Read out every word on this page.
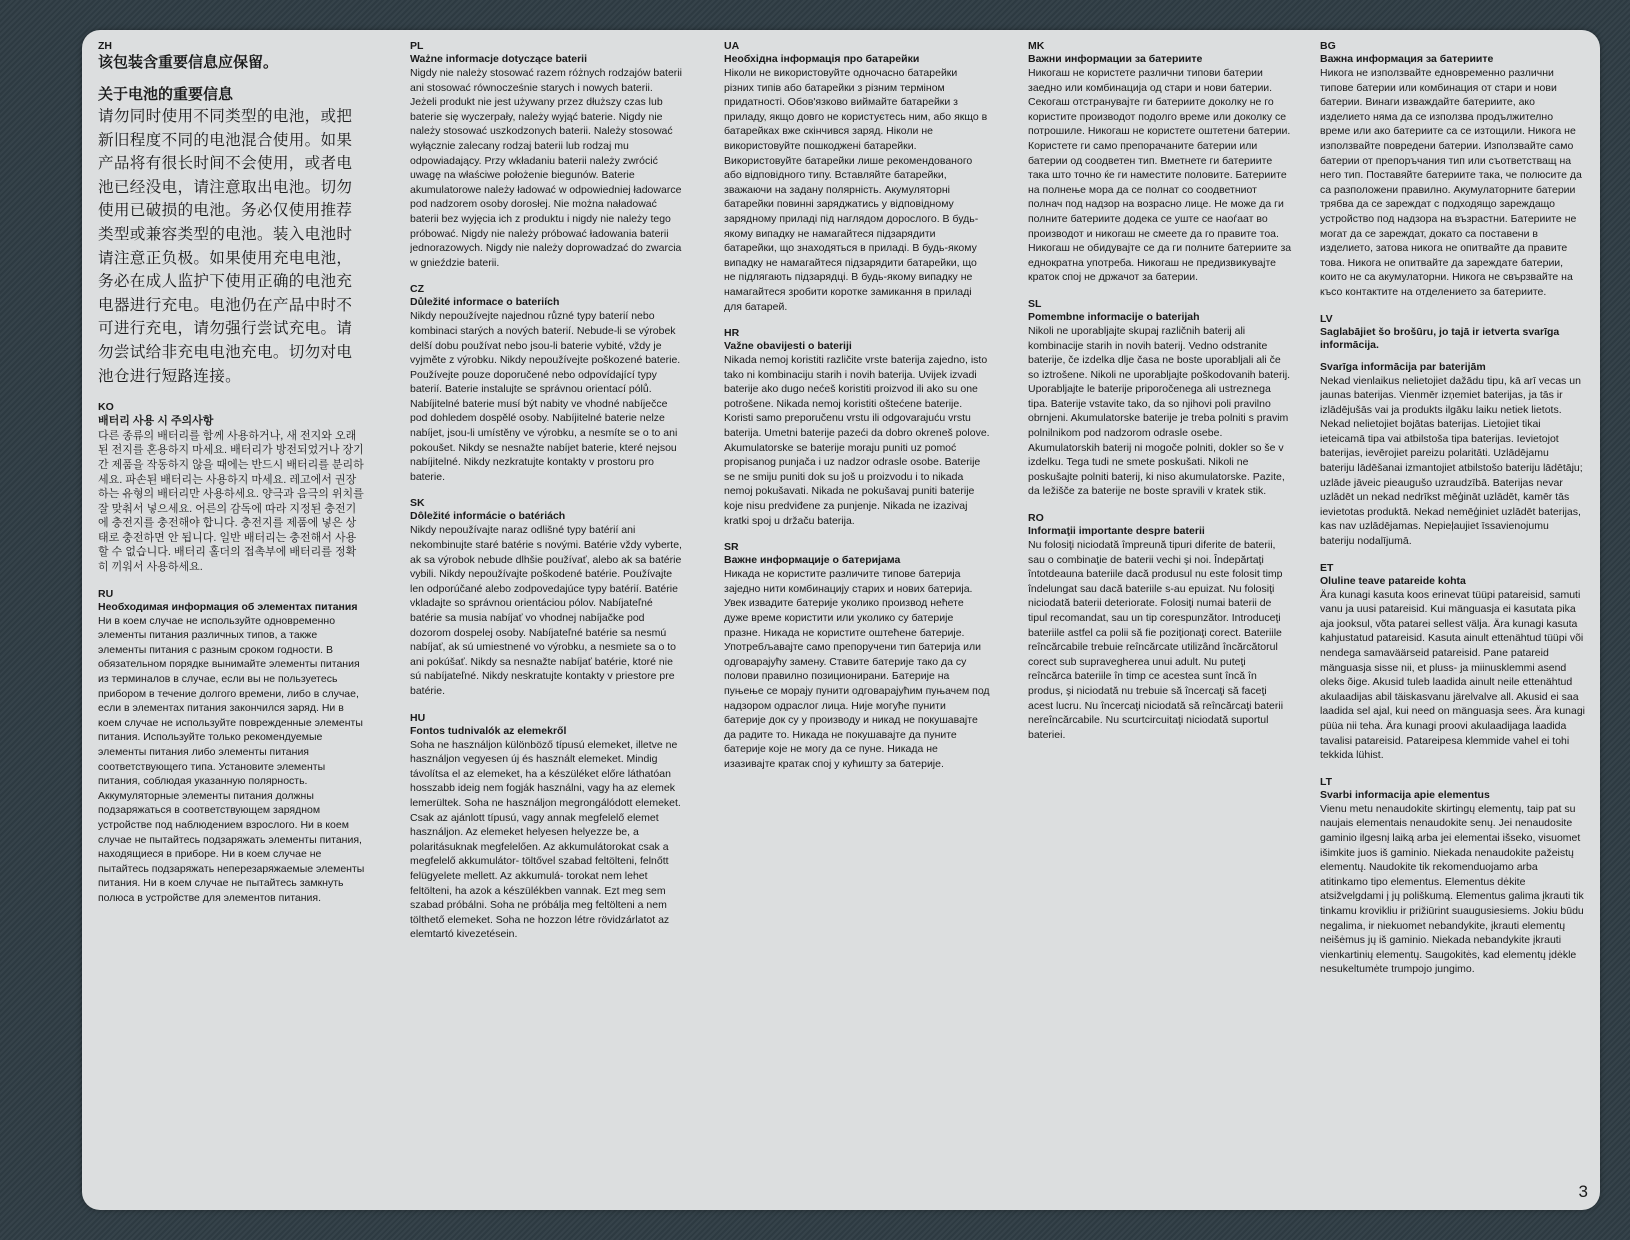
ZH
该包装含重要信息应保留。
关于电池的重要信息
请勿同时使用不同类型的电池，或把新旧程度不同的电池混合使用。如果产品将有很长时间不会使用，或者电池已经没电，请注意取出电池。切勿使用已破损的电池。务必仅使用推荐类型或兼容类型的电池。装入电池时请注意正负极。如果使用充电电池，务必在成人监护下使用正确的电池充电器进行充电。电池仍在产品中时不可进行充电，请勿强行尝试充电。请勿尝试给非充电电池充电。切勿对电池仓进行短路连接。
KO
배터리 사용 시 주의사항
다른 종류의 배터리를 함께 사용하거나, 새 전지와 오래된 전지를 혼용하지 마세요. 배터리가 방전되었거나 장기간 제품을 작동하지 않을 때에는 반드시 배터리를 분리하세요. 파손된 배터리는 사용하지 마세요. 레고에서 권장하는 유형의 배터리만 사용하세요. 양극과 음극의 위치를 잘 맞춰서 넣으세요. 어른의 감독에 따라 지정된 충전기에 충전지를 충전해야 합니다. 충전지를 제품에 넣은 상태로 충전하면 안 됩니다. 일반 배터리는 충전해서 사용할 수 없습니다. 배터리 홀더의 접촉부에 배터리를 정확히 끼워서 사용하세요.
RU
Необходимая информация об элементах питания
Ни в коем случае не используйте одновременно элементы питания различных типов, а также элементы питания с разным сроком годности. В обязательном порядке вынимайте элементы питания из терминалов в случае, если вы не пользуетесь прибором в течение долгого времени, либо в случае, если в элементах питания закончился заряд. Ни в коем случае не используйте поврежденные элементы питания. Используйте только рекомендуемые элементы питания либо элементы питания соответствующего типа. Установите элементы питания, соблюдая указанную полярность. Аккумуляторные элементы питания должны подзаряжаться в соответствующем зарядном устройстве под наблюдением взрослого. Ни в коем случае не пытайтесь подзаряжать элементы питания, находящиеся в приборе. Ни в коем случае не пытайтесь подзаряжать неперезаряжаемые элементы питания. Ни в коем случае не пытайтесь замкнуть полюса в устройстве для элементов питания.
PL
Ważne informacje dotyczące baterii
Nigdy nie należy stosować razem różnych rodzajów baterii ani stosować równocześnie starych i nowych baterii. Jeżeli produkt nie jest używany przez dłuższy czas lub baterie się wyczerpały, należy wyjąć baterie. Nigdy nie należy stosować uszkodzonych baterii. Należy stosować wyłącznie zalecany rodzaj baterii lub rodzaj mu odpowiadający. Przy wkładaniu baterii należy zwrócić uwagę na właściwe położenie biegunów. Baterie akumulatorowe należy ładować w odpowiedniej ładowarce pod nadzorem osoby dorosłej. Nie można naładować baterii bez wyjęcia ich z produktu i nigdy nie należy tego próbować. Nigdy nie należy próbować ładowania baterii jednorazowych. Nigdy nie należy doprowadzać do zwarcia w gnieździe baterii.
CZ
Důležité informace o bateriích
Nikdy nepoužívejte najednou různé typy baterií nebo kombinaci starých a nových baterií. Nebude-li se výrobek delší dobu používat nebo jsou-li baterie vybité, vždy je vyjměte z výrobku. Nikdy nepoužívejte poškozené baterie. Používejte pouze doporučené nebo odpovídající typy baterií. Baterie instalujte se správnou orientací pólů. Nabíjitelné baterie musí být nabity ve vhodné nabíječce pod dohledem dospělé osoby. Nabíjitelné baterie nelze nabíjet, jsou-li umístěny ve výrobku, a nesmíte se o to ani pokoušet. Nikdy se nesnažte nabíjet baterie, které nejsou nabíjitelné. Nikdy nezkratujte kontakty v prostoru pro baterie.
SK
Dôležité informácie o batériách
Nikdy nepoužívajte naraz odlišné typy batérií ani nekombinujte staré batérie s novými. Batérie vždy vyberte, ak sa výrobok nebude dlhšie používať, alebo ak sa batérie vybili. Nikdy nepoužívajte poškodené batérie. Používajte len odporúčané alebo zodpovedajúce typy batérií. Batérie vkladajte so správnou orientáciou pólov. Nabíjateľné batérie sa musia nabíjať vo vhodnej nabíjačke pod dozorom dospelej osoby. Nabíjateľné batérie sa nesmú nabíjať, ak sú umiestnené vo výrobku, a nesmiete sa o to ani pokúšať. Nikdy sa nesnažte nabíjať batérie, ktoré nie sú nabíjateľné. Nikdy neskratujte kontakty v priestore pre batérie.
HU
Fontos tudnivalók az elemekről
Soha ne használjon különböző típusú elemeket, illetve ne használjon vegyesen új és használt elemeket. Mindig távolítsa el az elemeket, ha a készüléket előre láthatóan hosszabb ideig nem fogják használni, vagy ha az elemek lemerültek. Soha ne használjon megrongálódott elemeket. Csak az ajánlott típusú, vagy annak megfelelő elemet használjon. Az elemeket helyesen helyezze be, a polaritásuknak megfelelően. Az akkumulátorokat csak a megfelelő akkumulátor- töltővel szabad feltölteni, felnőtt felügyelete mellett. Az akkumulá- torokat nem lehet feltölteni, ha azok a készülékben vannak. Ezt meg sem szabad próbálni. Soha ne próbálja meg feltölteni a nem tölthető elemeket. Soha ne hozzon létre rövidzárlatot az elemtartó kivezetésein.
UA
Необхідна інформація про батарейки
Ніколи не використовуйте одночасно батарейки різних типів або батарейки з різним терміном придатності. Обов'язково виймайте батарейки з приладу, якщо довго не користуєтесь ним, або якщо в батарейках вже скінчився заряд. Ніколи не використовуйте пошкоджені батарейки. Використовуйте батарейки лише рекомендованого або відповідного типу. Вставляйте батарейки, зважаючи на задану полярність. Акумуляторні батарейки повинні заряджатись у відповідному зарядному приладі під наглядом дорослого. В будь-якому випадку не намагайтеся підзарядити батарейки, що знаходяться в приладі. В будь-якому випадку не намагайтеся підзарядити батарейки, що не підлягають підзарядці. В будь-якому випадку не намагайтеся зробити коротке замикання в приладі для батарей.
HR
Važne obavijesti o bateriji
Nikada nemoj koristiti različite vrste baterija zajedno, isto tako ni kombinaciju starih i novih baterija. Uvijek izvadi baterije ako dugo nećeš koristiti proizvod ili ako su one potrošene. Nikada nemoj koristiti oštećene baterije. Koristi samo preporučenu vrstu ili odgovarajuću vrstu baterija. Umetni baterije pazeći da dobro okreneš polove. Akumulatorske se baterije moraju puniti uz pomoć propisanog punjača i uz nadzor odrasle osobe. Baterije se ne smiju puniti dok su još u proizvodu i to nikada nemoj pokušavati. Nikada ne pokušavaj puniti baterije koje nisu predviđene za punjenje. Nikada ne izazivaj kratki spoj u držaču baterija.
SR
Важне информације о батеријама
Никада не користите различите типове батерија заједно нити комбинацију старих и нових батерија. Увек извадите батерије уколико производ нећете дуже време користити или уколико су батерије празне. Никада не користите оштећене батерије. Употребљавајте само препоручени тип батерија или одговарајућу замену. Ставите батерије тако да су полови правилно позиционирани. Батерије на пуњење се морају пунити одговарајућим пуњачем под надзором одраслог лица. Није могуће пунити батерије док су у производу и никад не покушавајте да радите то. Никада не покушавајте да пуните батерије које не могу да се пуне. Никада не изазивајте кратак спој у кућишту за батерије.
MK
Важни информации за батериите
Никогаш не користете различни типови батерии заедно или комбинација од стари и нови батерии. Секогаш отстранувајте ги батериите доколку не го користите производот подолго време или доколку се потрошиле. Никогаш не користете оштетени батерии. Користете ги само препорачаните батерии или батерии од соодветен тип. Вметнете ги батериите така што точно ќе ги наместите половите. Батериите на полнење мора да се полнат со соодветниот полнач под надзор на возрасно лице. Не може да ги полните батериите додека се уште се наоѓаат во производот и никогаш не смеете да го правите тоа. Никогаш не обидувајте се да ги полните батериите за еднократна употреба. Никогаш не предизвикувајте краток спој не држачот за батерии.
SL
Pomembne informacije o baterijah
Nikoli ne uporabljajte skupaj različnih baterij ali kombinacije starih in novih baterij. Vedno odstranite baterije, če izdelka dlje časa ne boste uporabljali ali če so iztrošene. Nikoli ne uporabljajte poškodovanih baterij. Uporabljajte le baterije priporočenega ali ustreznega tipa. Baterije vstavite tako, da so njihovi poli pravilno obrnjeni. Akumulatorske baterije je treba polniti s pravim polnilnikom pod nadzorom odrasle osebe. Akumulatorskih baterij ni mogoče polniti, dokler so še v izdelku. Tega tudi ne smete poskušati. Nikoli ne poskušajte polniti baterij, ki niso akumulatorske. Pazite, da ležišče za baterije ne boste spravili v kratek stik.
RO
Informaţii importante despre baterii
Nu folosiţi niciodată împreună tipuri diferite de baterii, sau o combinaţie de baterii vechi şi noi. Îndepărtaţi întotdeauna bateriile dacă produsul nu este folosit timp îndelungat sau dacă bateriile s-au epuizat. Nu folosiţi niciodată baterii deteriorate. Folosiţi numai baterii de tipul recomandat, sau un tip corespunzător. Introduceţi bateriile astfel ca polii să fie poziţionaţi corect. Bateriile reîncărcabile trebuie reîncărcate utilizând încărcătorul corect sub supravegherea unui adult. Nu puteţi reîncărca bateriile în timp ce acestea sunt încă în produs, şi niciodată nu trebuie să încercaţi să faceţi acest lucru. Nu încercaţi niciodată să reîncărcaţi baterii nereîncărcabile. Nu scurtcircuitaţi niciodată suportul bateriei.
BG
Важна информация за батериите
Никога не използвайте едновременно различни типове батерии или комбинация от стари и нови батерии. Винаги изваждайте батериите, ако изделието няма да се използва продължително време или ако батериите са се изтощили. Никога не използвайте повредени батерии. Използвайте само батерии от препоръчания тип или съответстващ на него тип. Поставяйте батериите така, че полюсите да са разположени правилно. Акумулаторните батерии трябва да се зареждат с подходящо зареждащо устройство под надзора на възрастни. Батериите не могат да се зареждат, докато са поставени в изделието, затова никога не опитвайте да правите това. Никога не опитвайте да зареждате батерии, които не са акумулаторни. Никога не свързвайте на късо контактите на отделението за батериите.
LV
Saglabājiet šo brošūru, jo tajā ir ietverta svarīga informācija.
Svarīga informācija par baterijām
Nekad vienlaikus nelietojiet dažādu tipu, kā arī vecas un jaunas baterijas. Vienmēr izņemiet baterijas, ja tās ir izlādējušās vai ja produkts ilgāku laiku netiek lietots. Nekad nelietojiet bojātas baterijas. Lietojiet tikai ieteicamā tipa vai atbilstoša tipa baterijas. Ievietojot baterijas, ievērojiet pareizu polaritāti. Uzlādējamu bateriju lādēšanai izmantojiet atbilstošo bateriju lādētāju; uzlāde jāveic pieaugušo uzraudzībā. Baterijas nevar uzlādēt un nekad nedrīkst mēģināt uzlādēt, kamēr tās ievietotas produktā. Nekad nemēģiniet uzlādēt baterijas, kas nav uzlādējamas. Nepieļaujiet īssavienojumu bateriju nodalījumā.
ET
Oluline teave patareide kohta
Ära kunagi kasuta koos erinevat tüüpi patareisid, samuti vanu ja uusi patareisid. Kui mänguasja ei kasutata pika aja jooksul, võta patarei sellest välja. Ära kunagi kasuta kahjustatud patareisid. Kasuta ainult ettenähtud tüüpi või nendega samaväärseid patareisid. Pane patareid mänguasja sisse nii, et pluss- ja miinusklemmi asend oleks õige. Akusid tuleb laadida ainult neile ettenähtud akulaadijas abil täiskasvanu järelvalve all. Akusid ei saa laadida sel ajal, kui need on mänguasja sees. Ära kunagi püüa nii teha. Ära kunagi proovi akulaadijaga laadida tavalisi patareisid. Patareipesa klemmide vahel ei tohi tekkida lühist.
LT
Svarbi informacija apie elementus
Vienu metu nenaudokite skirtingų elementų, taip pat su naujais elementais nenaudokite senų. Jei nenaudosite gaminio ilgesnį laiką arba jei elementai išseko, visuomet išimkite juos iš gaminio. Niekada nenaudokite pažeistų elementų. Naudokite tik rekomenduojamo arba atitinkamo tipo elementus. Elementus dėkite atsižvelgdami į jų poliškumą. Elementus galima įkrauti tik tinkamu krovikliu ir prižiūrint suaugusiesiems. Jokiu būdu negalima, ir niekuomet nebandykite, įkrauti elementų neišėmus jų iš gaminio. Niekada nebandykite įkrauti vienkartinių elementų. Saugokitės, kad elementų įdėkle nesukeltumėte trumpojo jungimo.
3
